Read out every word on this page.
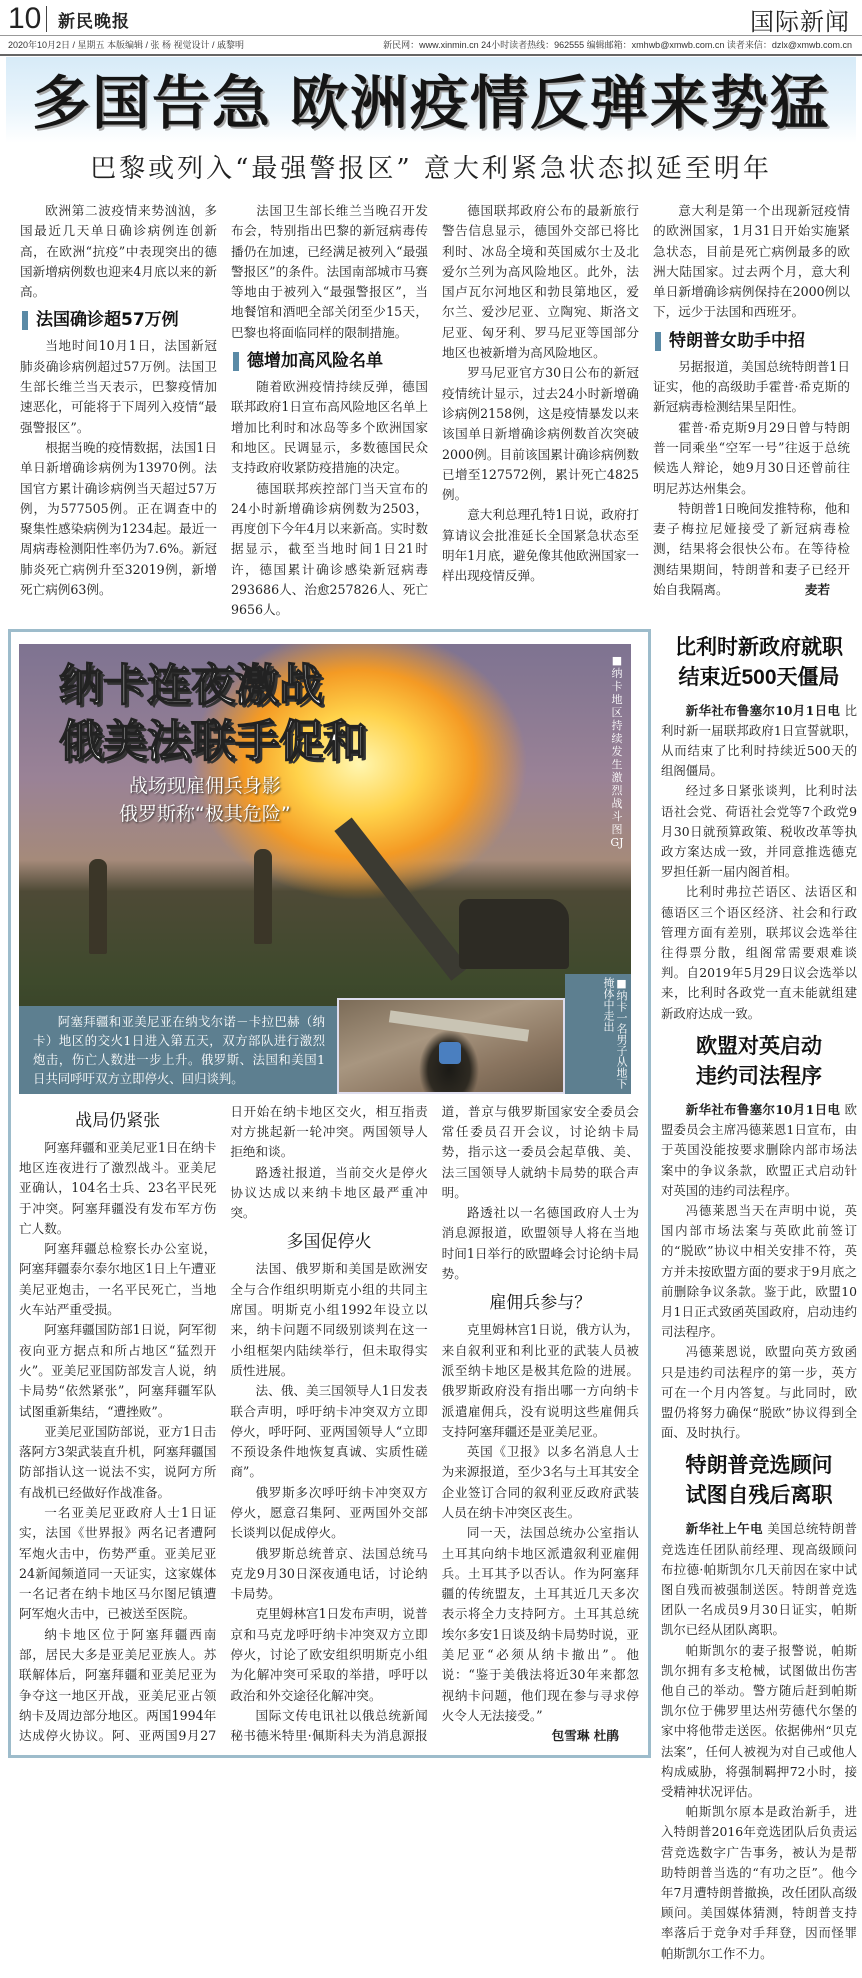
10 新民晚报	国际新闻
2020年10月2日 / 星期五 本版编辑 / 张 杨 视觉设计 / 戚黎明	新民网：www.xinmin.cn 24小时读者热线：962555 编辑邮箱：xmhwb@xmwb.com.cn 读者来信：dzlx@xmwb.com.cn
多国告急 欧洲疫情反弹来势猛
巴黎或列入“最强警报区” 意大利紧急状态拟延至明年

欧洲第二波疫情来势汹汹，多国最近几天单日确诊病例连创新高，在欧洲“抗疫”中表现突出的德国新增病例数也迎来4月底以来的新高。

法国确诊超57万例

当地时间10月1日，法国新冠肺炎确诊病例超过57万例。法国卫生部长维兰当天表示，巴黎疫情加速恶化，可能将于下周列入疫情“最强警报区”。

根据当晚的疫情数据，法国1日单日新增确诊病例为13970例。法国官方累计确诊病例当天超过57万例，为577505例。正在调查中的聚集性感染病例为1234起。最近一周病毒检测阳性率仍为7.6%。新冠肺炎死亡病例升至32019例，新增死亡病例63例。

法国卫生部长维兰当晚召开发布会，特别指出巴黎的新冠病毒传播仍在加速，已经满足被列入“最强警报区”的条件。法国南部城市马赛等地由于被列入“最强警报区”，当地餐馆和酒吧全部关闭至少15天，巴黎也将面临同样的限制措施。

德增加高风险名单

随着欧洲疫情持续反弹，德国联邦政府1日宣布高风险地区名单上增加比利时和冰岛等多个欧洲国家和地区。民调显示，多数德国民众支持政府收紧防疫措施的决定。

德国联邦疾控部门当天宣布的24小时新增确诊病例数为2503，再度创下今年4月以来新高。实时数据显示，截至当地时间1日21时许，德国累计确诊感染新冠病毒293686人、治愈257826人、死亡9656人。

德国联邦政府公布的最新旅行警告信息显示，德国外交部已将比利时、冰岛全境和英国威尔士及北爱尔兰列为高风险地区。此外，法国卢瓦尔河地区和勃艮第地区，爱尔兰、爱沙尼亚、立陶宛、斯洛文尼亚、匈牙利、罗马尼亚等国部分地区也被新增为高风险地区。

罗马尼亚官方30日公布的新冠疫情统计显示，过去24小时新增确诊病例2158例，这是疫情暴发以来该国单日新增确诊病例数首次突破2000例。目前该国累计确诊病例数已增至127572例，累计死亡4825例。

意大利总理孔特1日说，政府打算请议会批准延长全国紧急状态至明年1月底，避免像其他欧洲国家一样出现疫情反弹。

意大利是第一个出现新冠疫情的欧洲国家，1月31日开始实施紧急状态，目前是死亡病例最多的欧洲大陆国家。过去两个月，意大利单日新增确诊病例保持在2000例以下，远少于法国和西班牙。

特朗普女助手中招

另据报道，美国总统特朗普1日证实，他的高级助手霍普·希克斯的新冠病毒检测结果呈阳性。

霍普·希克斯9月29日曾与特朗普一同乘坐“空军一号”往返于总统候选人辩论，她9月30日还曾前往明尼苏达州集会。

特朗普1日晚间发推特称，他和妻子梅拉尼娅接受了新冠病毒检测，结果将会很快公布。在等待检测结果期间，特朗普和妻子已经开始自我隔离。	麦若

纳卡连夜激战
俄美法联手促和
战场现雇佣兵身影
俄罗斯称“极其危险”
■纳卡地区持续发生激烈战斗 图 GJ
阿塞拜疆和亚美尼亚在纳戈尔诺－卡拉巴赫（纳卡）地区的交火1日进入第五天，双方部队进行激烈炮击，伤亡人数进一步上升。俄罗斯、法国和美国1日共同呼吁双方立即停火、回归谈判。	■纳卡一名男子从地下掩体中走出
战局仍紧张

阿塞拜疆和亚美尼亚1日在纳卡地区连夜进行了激烈战斗。亚美尼亚确认，104名士兵、23名平民死于冲突。阿塞拜疆没有发布军方伤亡人数。

阿塞拜疆总检察长办公室说，阿塞拜疆泰尔泰尔地区1日上午遭亚美尼亚炮击，一名平民死亡，当地火车站严重受损。

阿塞拜疆国防部1日说，阿军彻夜向亚方据点和所占地区“猛烈开火”。亚美尼亚国防部发言人说，纳卡局势“依然紧张”，阿塞拜疆军队试图重新集结，“遭挫败”。

亚美尼亚国防部说，亚方1日击落阿方3架武装直升机，阿塞拜疆国防部指认这一说法不实，说阿方所有战机已经做好作战准备。

一名亚美尼亚政府人士1日证实，法国《世界报》两名记者遭阿军炮火击中，伤势严重。亚美尼亚24新闻频道同一天证实，这家媒体一名记者在纳卡地区马尔图尼镇遭阿军炮火击中，已被送至医院。

纳卡地区位于阿塞拜疆西南部，居民大多是亚美尼亚族人。苏联解体后，阿塞拜疆和亚美尼亚为争夺这一地区开战，亚美尼亚占领纳卡及周边部分地区。两国1994年达成停火协议。阿、亚两国9月27日开始在纳卡地区交火，相互指责对方挑起新一轮冲突。两国领导人拒绝和谈。

路透社报道，当前交火是停火协议达成以来纳卡地区最严重冲突。

多国促停火

法国、俄罗斯和美国是欧洲安全与合作组织明斯克小组的共同主席国。明斯克小组1992年设立以来，纳卡问题不同级别谈判在这一小组框架内陆续举行，但未取得实质性进展。

法、俄、美三国领导人1日发表联合声明，呼吁纳卡冲突双方立即停火，呼吁阿、亚两国领导人“立即不预设条件地恢复真诚、实质性磋商”。

俄罗斯多次呼吁纳卡冲突双方停火，愿意召集阿、亚两国外交部长谈判以促成停火。

俄罗斯总统普京、法国总统马克龙9月30日深夜通电话，讨论纳卡局势。

克里姆林宫1日发布声明，说普京和马克龙呼吁纳卡冲突双方立即停火，讨论了欧安组织明斯克小组为化解冲突可采取的举措，呼吁以政治和外交途径化解冲突。

国际文传电讯社以俄总统新闻秘书德米特里·佩斯科夫为消息源报道，普京与俄罗斯国家安全委员会常任委员召开会议，讨论纳卡局势，指示这一委员会起草俄、美、法三国领导人就纳卡局势的联合声明。

路透社以一名德国政府人士为消息源报道，欧盟领导人将在当地时间1日举行的欧盟峰会讨论纳卡局势。

雇佣兵参与？

克里姆林宫1日说，俄方认为，来自叙利亚和利比亚的武装人员被派至纳卡地区是极其危险的进展。俄罗斯政府没有指出哪一方向纳卡派遣雇佣兵，没有说明这些雇佣兵支持阿塞拜疆还是亚美尼亚。

英国《卫报》以多名消息人士为来源报道，至少3名与土耳其安全企业签订合同的叙利亚反政府武装人员在纳卡冲突区丧生。

同一天，法国总统办公室指认土耳其向纳卡地区派遣叙利亚雇佣兵。土耳其予以否认。作为阿塞拜疆的传统盟友，土耳其近几天多次表示将全力支持阿方。土耳其总统埃尔多安1日谈及纳卡局势时说，亚美尼亚“必须从纳卡撤出”。他说：“鉴于美俄法将近30年来都忽视纳卡问题，他们现在参与寻求停火令人无法接受。”
包雪琳 杜鹃

比利时新政府就职
结束近500天僵局

新华社布鲁塞尔10月1日电 比利时新一届联邦政府1日宣誓就职，从而结束了比利时持续近500天的组阁僵局。

经过多日紧张谈判，比利时法语社会党、荷语社会党等7个政党9月30日就预算政策、税收改革等执政方案达成一致，并同意推选德克罗担任新一届内阁首相。

比利时弗拉芒语区、法语区和德语区三个语区经济、社会和行政管理方面有差别，联邦议会选举往往得票分散，组阁常需要艰难谈判。自2019年5月29日议会选举以来，比利时各政党一直未能就组建新政府达成一致。

欧盟对英启动
违约司法程序

新华社布鲁塞尔10月1日电 欧盟委员会主席冯德莱恩1日宣布，由于英国没能按要求删除内部市场法案中的争议条款，欧盟正式启动针对英国的违约司法程序。

冯德莱恩当天在声明中说，英国内部市场法案与英欧此前签订的“脱欧”协议中相关安排不符，英方并未按欧盟方面的要求于9月底之前删除争议条款。鉴于此，欧盟10月1日正式致函英国政府，启动违约司法程序。

冯德莱恩说，欧盟向英方致函只是违约司法程序的第一步，英方可在一个月内答复。与此同时，欧盟仍将努力确保“脱欧”协议得到全面、及时执行。

特朗普竞选顾问
试图自残后离职

新华社上午电 美国总统特朗普竞选连任团队前经理、现高级顾问布拉德·帕斯凯尔几天前因在家中试图自残而被强制送医。特朗普竞选团队一名成员9月30日证实，帕斯凯尔已经从团队离职。

帕斯凯尔的妻子报警说，帕斯凯尔拥有多支枪械，试图做出伤害他自己的举动。警方随后赶到帕斯凯尔位于佛罗里达州劳德代尔堡的家中将他带走送医。依据佛州“贝克法案”，任何人被视为对自己或他人构成威胁，将强制羁押72小时，接受精神状况评估。

帕斯凯尔原本是政治新手，进入特朗普2016年竞选团队后负责运营竞选数字广告事务，被认为是帮助特朗普当选的“有功之臣”。他今年7月遭特朗普撤换，改任团队高级顾问。美国媒体猜测，特朗普支持率落后于竞争对手拜登，因而怪罪帕斯凯尔工作不力。
